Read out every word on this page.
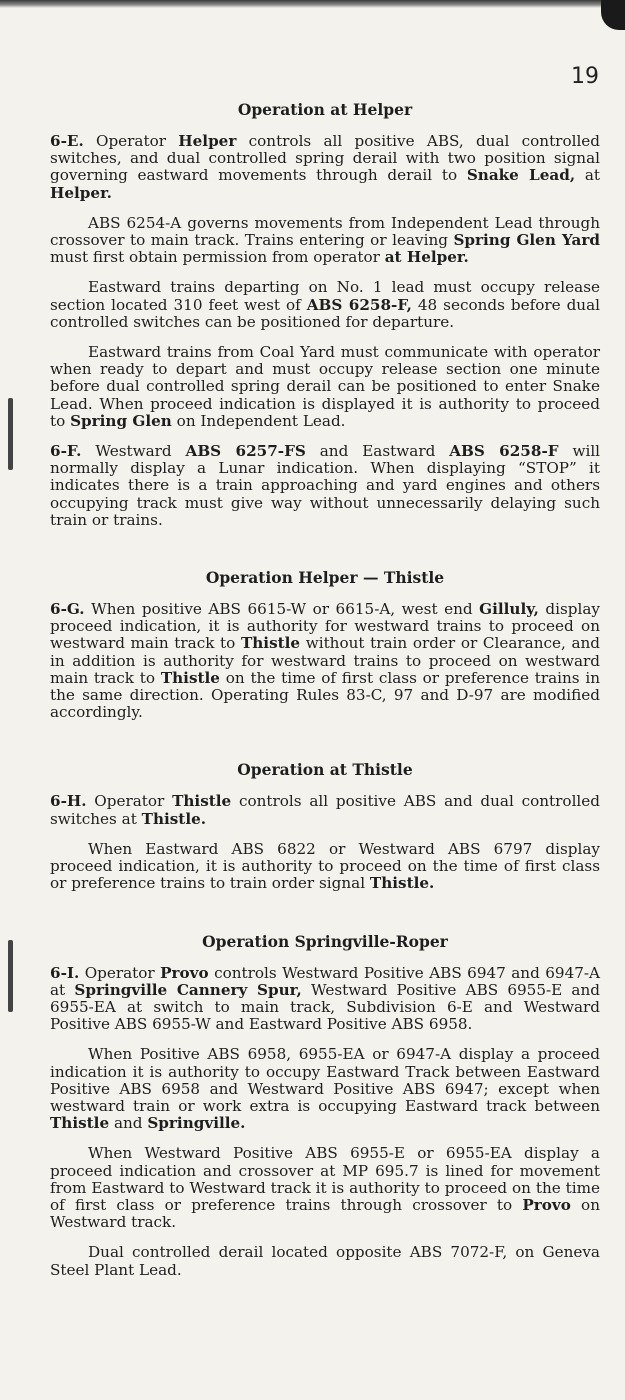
19
Operation at Helper

6-E. Operator Helper controls all positive ABS, dual controlled switches, and dual controlled spring derail with two position signal governing eastward movements through derail to Snake Lead, at Helper.

ABS 6254-A governs movements from Independent Lead through crossover to main track. Trains entering or leaving Spring Glen Yard must first obtain permission from operator at Helper.

Eastward trains departing on No. 1 lead must occupy release section located 310 feet west of ABS 6258-F, 48 seconds before dual controlled switches can be positioned for departure.

Eastward trains from Coal Yard must communicate with operator when ready to depart and must occupy release section one minute before dual controlled spring derail can be positioned to enter Snake Lead. When proceed indication is displayed it is authority to proceed to Spring Glen on Independent Lead.

6-F. Westward ABS 6257-FS and Eastward ABS 6258-F will normally display a Lunar indication. When displaying “STOP” it indicates there is a train approaching and yard engines and others occupying track must give way without unnecessarily delaying such train or trains.

Operation Helper — Thistle

6-G. When positive ABS 6615-W or 6615-A, west end Gilluly, display proceed indication, it is authority for westward trains to proceed on westward main track to Thistle without train order or Clearance, and in addition is authority for westward trains to proceed on westward main track to Thistle on the time of first class or preference trains in the same direction. Operating Rules 83-C, 97 and D-97 are modified accordingly.

Operation at Thistle

6-H. Operator Thistle controls all positive ABS and dual controlled switches at Thistle.

When Eastward ABS 6822 or Westward ABS 6797 display proceed indication, it is authority to proceed on the time of first class or preference trains to train order signal Thistle.

Operation Springville-Roper

6-I. Operator Provo controls Westward Positive ABS 6947 and 6947-A at Springville Cannery Spur, Westward Positive ABS 6955-E and 6955-EA at switch to main track, Subdivision 6-E and Westward Positive ABS 6955-W and Eastward Positive ABS 6958.

When Positive ABS 6958, 6955-EA or 6947-A display a proceed indication it is authority to occupy Eastward Track between Eastward Positive ABS 6958 and Westward Positive ABS 6947; except when westward train or work extra is occupying Eastward track between Thistle and Springville.

When Westward Positive ABS 6955-E or 6955-EA display a proceed indication and crossover at MP 695.7 is lined for movement from Eastward to Westward track it is authority to proceed on the time of first class or preference trains through crossover to Provo on Westward track.

Dual controlled derail located opposite ABS 7072-F, on Geneva Steel Plant Lead.
